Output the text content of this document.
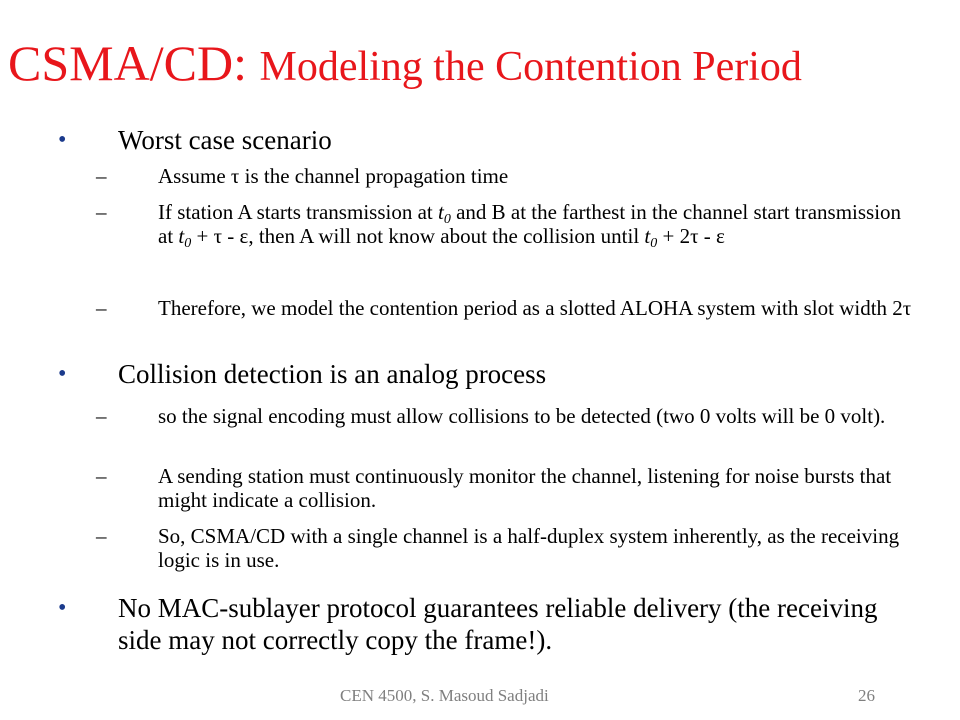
CSMA/CD: Modeling the Contention Period
• Worst case scenario
– Assume τ is the channel propagation time
– If station A starts transmission at $t_0$ and B at the farthest in the channel start transmission at $t_0 + \tau - \varepsilon$, then A will not know about the collision until $t_0 + 2\tau - \varepsilon$
– Therefore, we model the contention period as a slotted ALOHA system with slot width 2τ
• Collision detection is an analog process
– so the signal encoding must allow collisions to be detected (two 0 volts will be 0 volt).
– A sending station must continuously monitor the channel, listening for noise bursts that might indicate a collision.
– So, CSMA/CD with a single channel is a half-duplex system inherently, as the receiving logic is in use.
• No MAC-sublayer protocol guarantees reliable delivery (the receiving side may not correctly copy the frame!).
CEN 4500, S. Masoud Sadjadi	26
